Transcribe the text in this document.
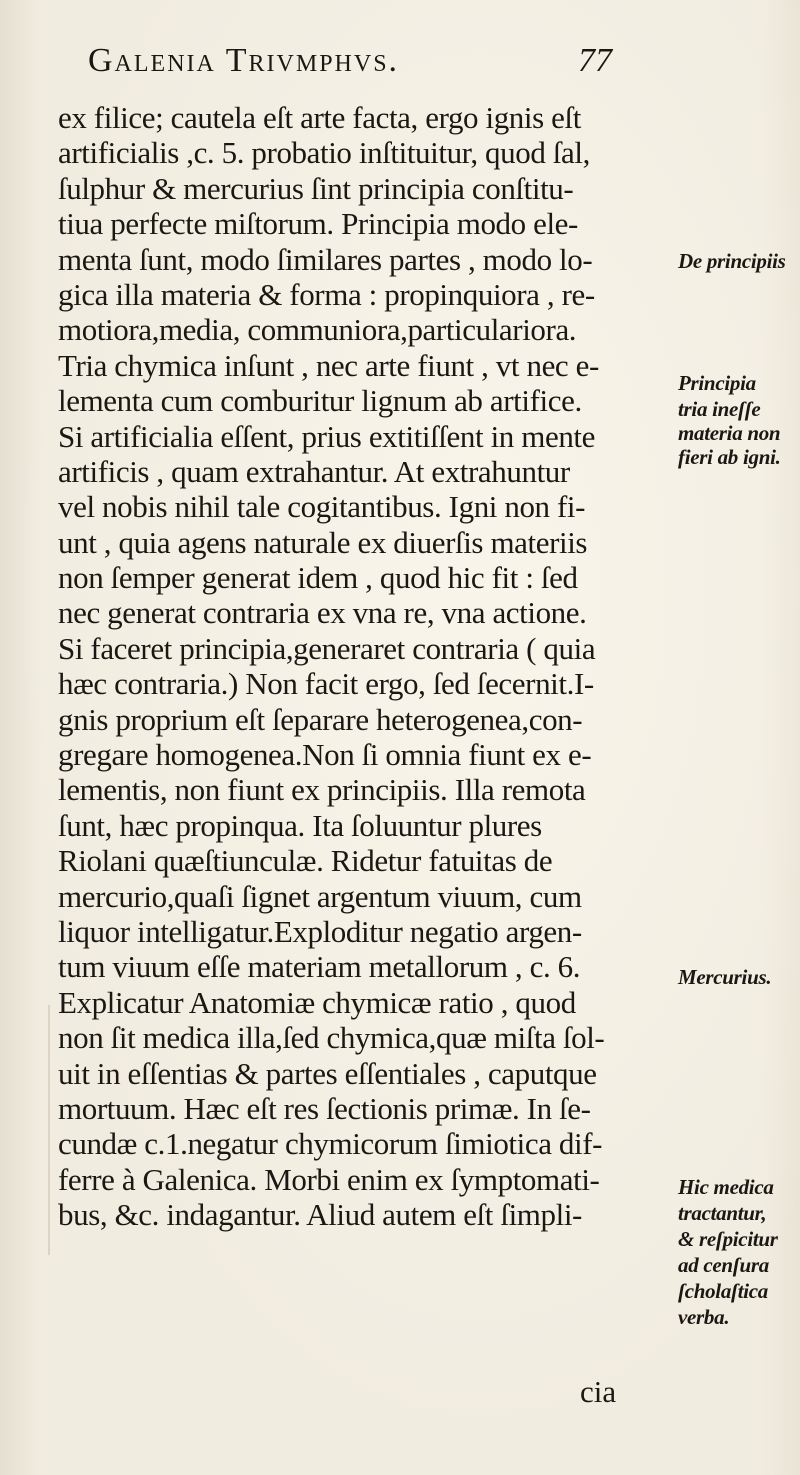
Galenia Trivmphvs.	77
ex filice; cautela eſt arte facta, ergo ignis eſt
artificialis ,c. 5. probatio inſtituitur, quod ſal,
ſulphur & mercurius ſint principia conſtitu-
tiua perfecte miſtorum. Principia modo ele-
menta ſunt, modo ſimilares partes , modo lo-
gica illa materia & forma : propinquiora , re-
motiora,media, communiora,particulariora.
Tria chymica inſunt , nec arte fiunt , vt nec e-
lementa cum comburitur lignum ab artifice.
Si artificialia eſſent, prius extitiſſent in mente
artificis , quam extrahantur. At extrahuntur
vel nobis nihil tale cogitantibus. Igni non fi-
unt , quia agens naturale ex diuerſis materiis
non ſemper generat idem , quod hic fit : ſed
nec generat contraria ex vna re, vna actione.
Si faceret principia,generaret contraria ( quia
hæc contraria.) Non facit ergo, ſed ſecernit.I-
gnis proprium eſt ſeparare heterogenea,con-
gregare homogenea.Non ſi omnia fiunt ex e-
lementis, non fiunt ex principiis. Illa remota
ſunt, hæc propinqua. Ita ſoluuntur plures
Riolani quæſtiunculæ. Ridetur fatuitas de
mercurio,quaſi ſignet argentum viuum, cum
liquor intelligatur.Exploditur negatio argen-
tum viuum eſſe materiam metallorum , c. 6.
Explicatur Anatomiæ chymicæ ratio , quod
non ſit medica illa,ſed chymica,quæ miſta ſol-
uit in eſſentias & partes eſſentiales , caputque
mortuum. Hæc eſt res ſectionis primæ. In ſe-
cundæ c.1.negatur chymicorum ſimiotica dif-
ferre à Galenica. Morbi enim ex ſymptomati-
bus, &c. indagantur. Aliud autem eſt ſimpli-
cia
De principiis
Principia
tria ineſſe
materia non
fieri ab igni.
Mercurius.
Hic medica
tractantur,
& reſpicitur
ad cenſura
ſcholaſtica
verba.
